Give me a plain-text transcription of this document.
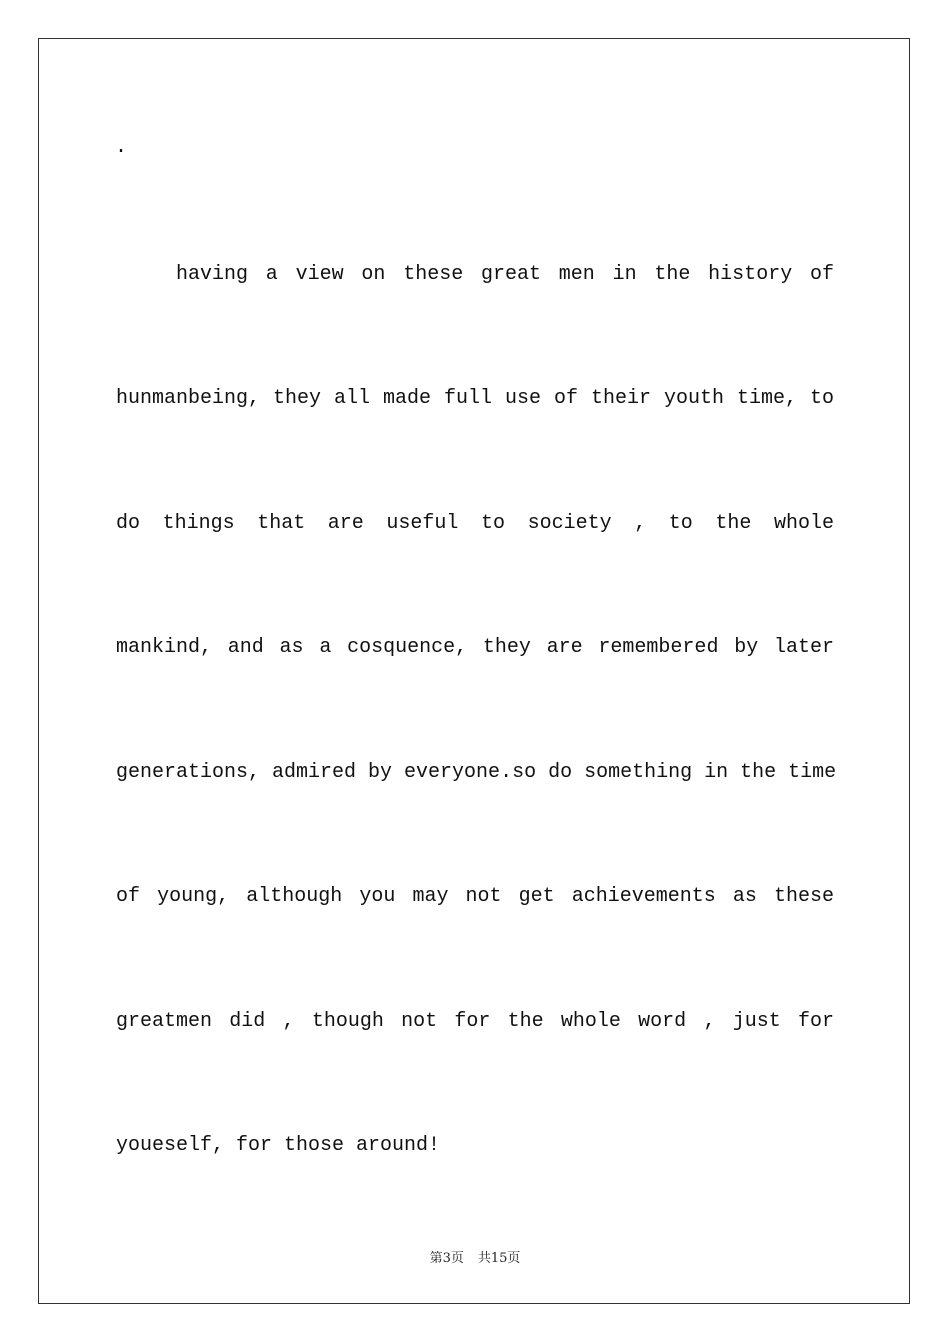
·
having a view on these great men in the history of
hunmanbeing, they all made full use of their youth time, to
do things that are useful to society , to the whole
mankind, and as a cosquence, they are remembered by later
generations, admired by everyone.so do something in the time
of young, although you may not get achievements as these
greatmen did , though not for the whole word , just for
youeself, for those around!
第3页 共15页
